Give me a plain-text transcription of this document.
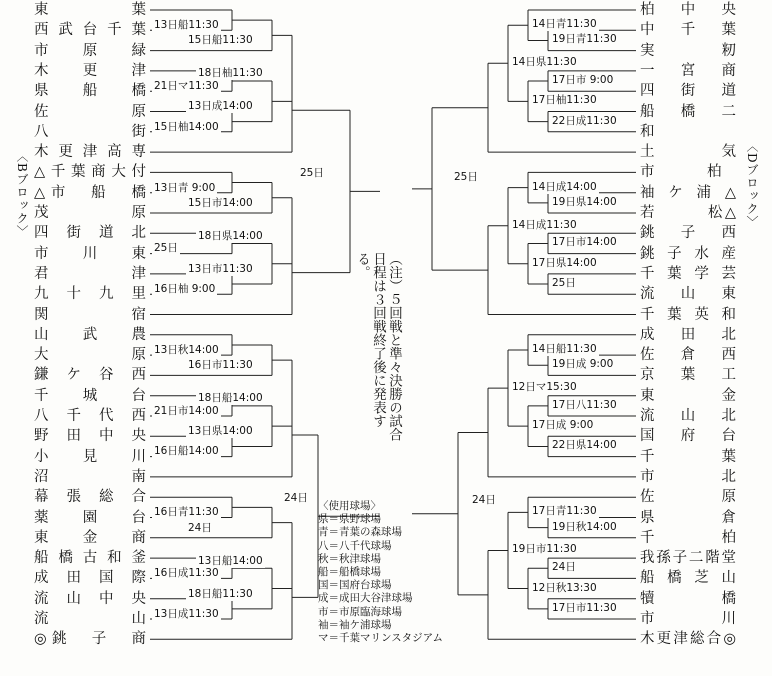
〈Bブロック〉	〈Dブロック〉
東　　　　葉
西武台千葉
市　原　緑
木　更　津
県　船　橋
佐　　　原
八　　　街
木更津高専
△千葉商大付
△市　船　橋
茂　　　原
四街道北
市　川　東
君　　　津
九十九里
関　　　宿
山　武　農
大　　　原
鎌ケ谷西
千　城　台
八千代西
野田中央
小　見　川
沼　　　南
幕張総合
薬　園　台
東　金　商
船橋古和釜
成田国際
流山中央
流　　　山
◎銚　子　商
柏　中　央
中　千　葉
実　　　籾
一　宮　商
四　街　道
船　橋　二
和
土　　　気
市　　柏　
袖ケ浦△
若　　　松△
銚　子　西
銚子水産
千葉学芸
流　山　東
千葉英和
成　田　北
佐倉西
京　葉　工
東　　　金
流　山　北
国　府　台
千　　　葉
市　　　北
佐　　　原
県　　　倉
千　　　柏
我孫子二階堂
船橋芝山
犢　　　橋
市　　　川
木更津総合◎
13日船11:30
15日船11:30
21日マ11:30
15日柚14:00
13日成14:00
18日柚11:30
13日青 9:00
15日市14:00
25日
16日柚 9:00
13日市11:30
18日県14:00
13日秋14:00
16日市11:30
21日市14:00
16日船14:00
13日県14:00
18日船14:00
16日青11:30
24日
16日成11:30
13日成11:30
18日船11:30
13日船14:00
25日
24日
19日青11:30
14日青11:30
17日市 9:00
22日成11:30
17日柚11:30
14日県11:30
19日県14:00
14日成14:00
17日市14:00
25日
17日県14:00
14日成11:30
19日成 9:00
14日船11:30
17日八11:30
22日県14:00
17日成 9:00
12日マ15:30
19日秋14:00
17日青11:30
24日
17日市11:30
12日秋13:30
19日市11:30
25日
24日
（注）５回戦と準々決勝の試合日程は３回戦終了後に発表する。
〈使用球場〉
県＝県野球場
青＝青葉の森球場
八＝八千代球場
秋＝秋津球場
船＝船橋球場
国＝国府台球場
成＝成田大谷津球場
市＝市原臨海球場
袖＝袖ケ浦球場
マ＝千葉マリンスタジアム
